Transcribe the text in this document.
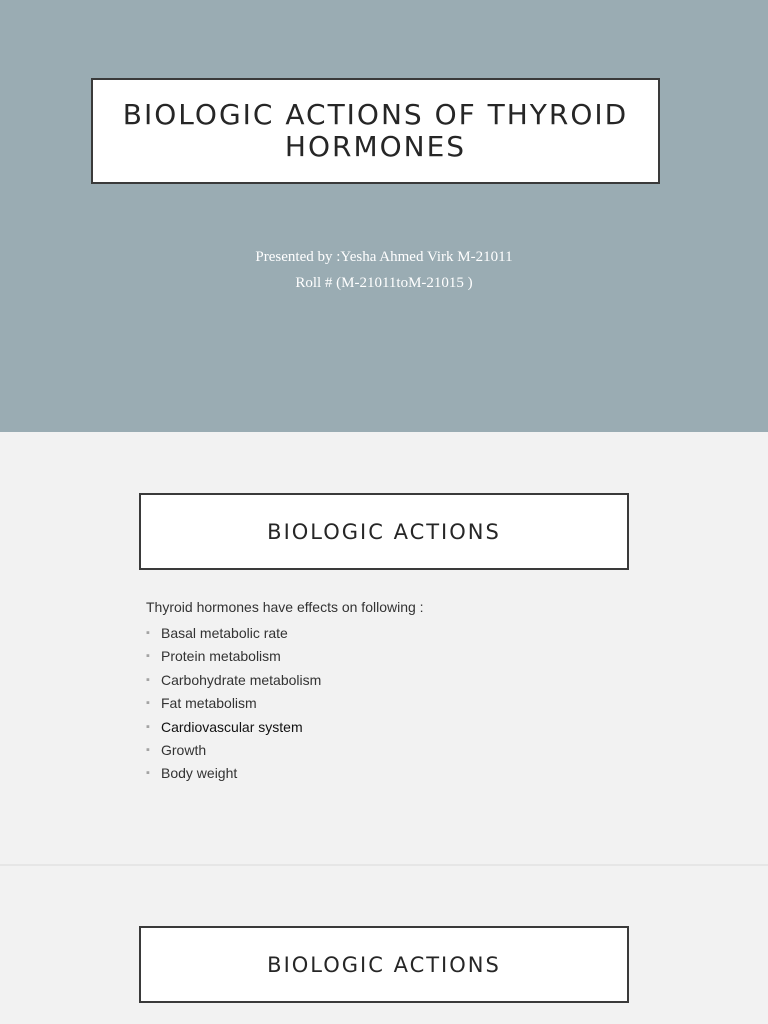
BIOLOGIC ACTIONS OF THYROID HORMONES
Presented by :Yesha Ahmed Virk M-21011
Roll # (M-21011toM-21015 )
BIOLOGIC ACTIONS

Thyroid hormones have effects on following :

▪ Basal metabolic rate
▪ Protein metabolism
▪ Carbohydrate metabolism
▪ Fat metabolism
▪ Cardiovascular system
▪ Growth
▪ Body weight
BIOLOGIC ACTIONS
